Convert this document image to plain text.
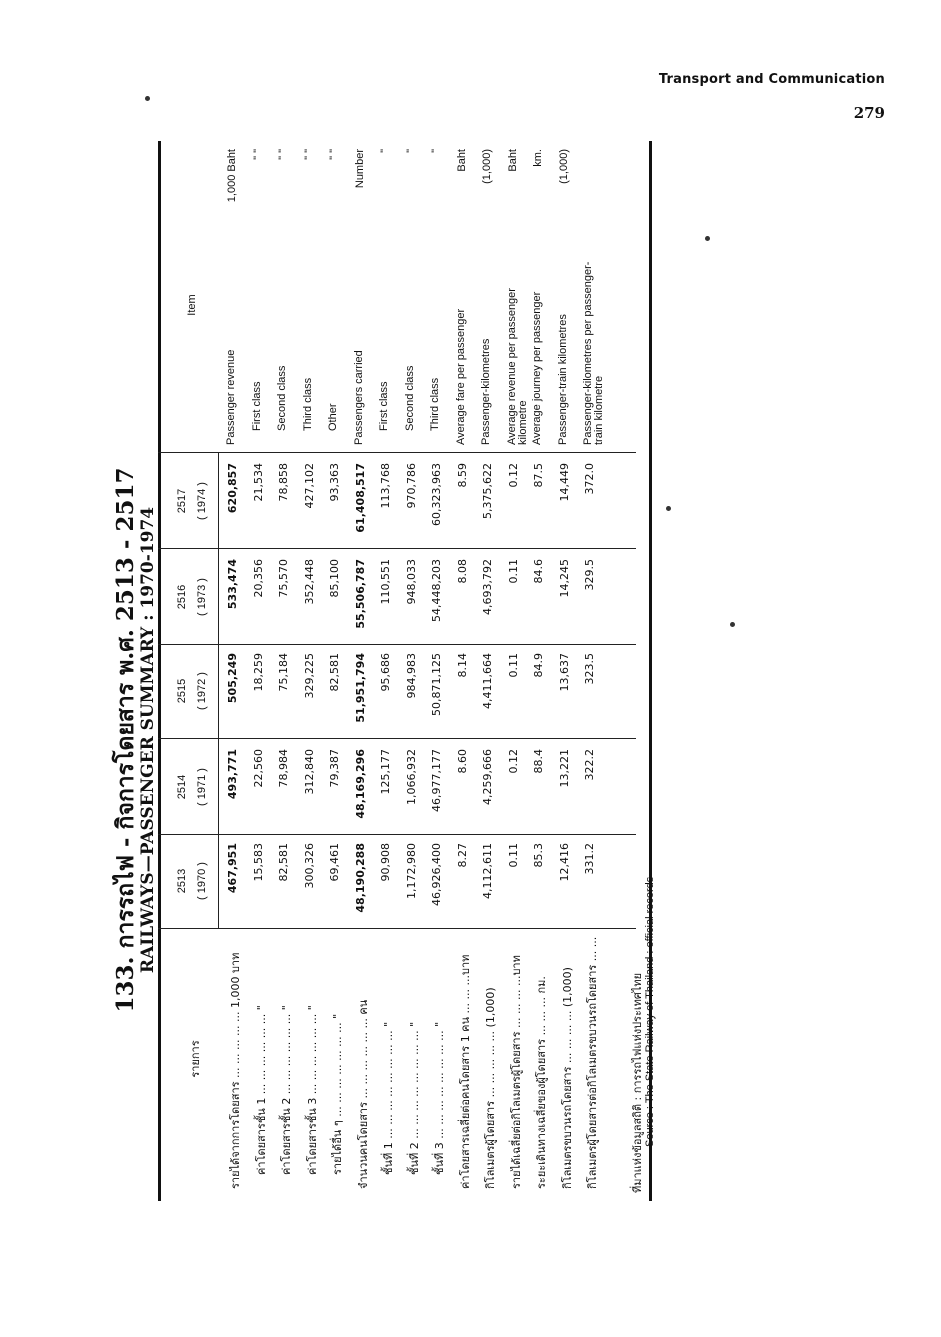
Transport and Communication
279
133. การรถไฟ - กิจการโดยสาร พ.ศ. 2513 - 2517 RAILWAYS—PASSENGER SUMMARY : 1970-1974
รายการ
Item
2513 ( 1970 )
2514 ( 1971 )
2515 ( 1972 )
2516 ( 1973 )
2517 ( 1974 )
รายได้จากการโดยสาร ... ... ... ... ... 1,000 บาท
467,951
493,771
505,249
533,474
620,857
Passenger revenue
1,000 Baht
ค่าโดยสารชั้น 1 ... ... ... ... ... ... "
15,583
22,560
18,259
20,356
21,534
First class
" "
ค่าโดยสารชั้น 2 ... ... ... ... ... ... "
82,581
78,984
75,184
75,570
78,858
Second class
" "
ค่าโดยสารชั้น 3 ... ... ... ... ... ... "
300,326
312,840
329,225
352,448
427,102
Third class
" "
รายได้อื่น ๆ ... ... ... ... ... ... ... "
69,461
79,387
82,581
85,100
93,363
Other
" "
จำนวนคนโดยสาร ... ... ... ... ... ... คน
48,190,288
48,169,296
51,951,794
55,506,787
61,408,517
Passengers carried
Number
ชั้นที่ 1 ... ... ... ... ... ... ... ... "
90,908
125,177
95,686
110,551
113,768
First class
"
ชั้นที่ 2 ... ... ... ... ... ... ... ... "
1,172,980
1,066,932
984,983
948,033
970,786
Second class
"
ชั้นที่ 3 ... ... ... ... ... ... ... ... "
46,926,400
46,977,177
50,871,125
54,448,203
60,323,963
Third class
"
ค่าโดยสารเฉลี่ยต่อคนโดยสาร 1 คน ... ... ...บาท
8.27
8.60
8.14
8.08
8.59
Average fare per passenger
Baht
กิโลเมตรผู้โดยสาร ... ... ... ... ... (1,000)
4,112,611
4,259,666
4,411,664
4,693,792
5,375,622
Passenger-kilometres
(1,000)
รายได้เฉลี่ยต่อกิโลเมตรผู้โดยสาร ... ... ... ...บาท
0.11
0.12
0.11
0.11
0.12
Average revenue per passenger kilometre
Baht
ระยะเดินทางเฉลี่ยของผู้โดยสาร ... ... ... กม.
85.3
88.4
84.9
84.6
87.5
Average journey per passenger
km.
กิโลเมตรขบวนรถโดยสาร ... ... ... ... (1,000)
12,416
13,221
13,637
14,245
14,449
Passenger-train kilometres
(1,000)
กิโลเมตรผู้โดยสารต่อกิโลเมตรขบวนรถโดยสาร ... ...
331.2
322.2
323.5
329.5
372.0
Passenger-kilometres per passenger-train kilometre
ที่มาแห่งข้อมูลสถิติ : การรถไฟแห่งประเทศไทย Source : The State Railway of Thailand : official records
